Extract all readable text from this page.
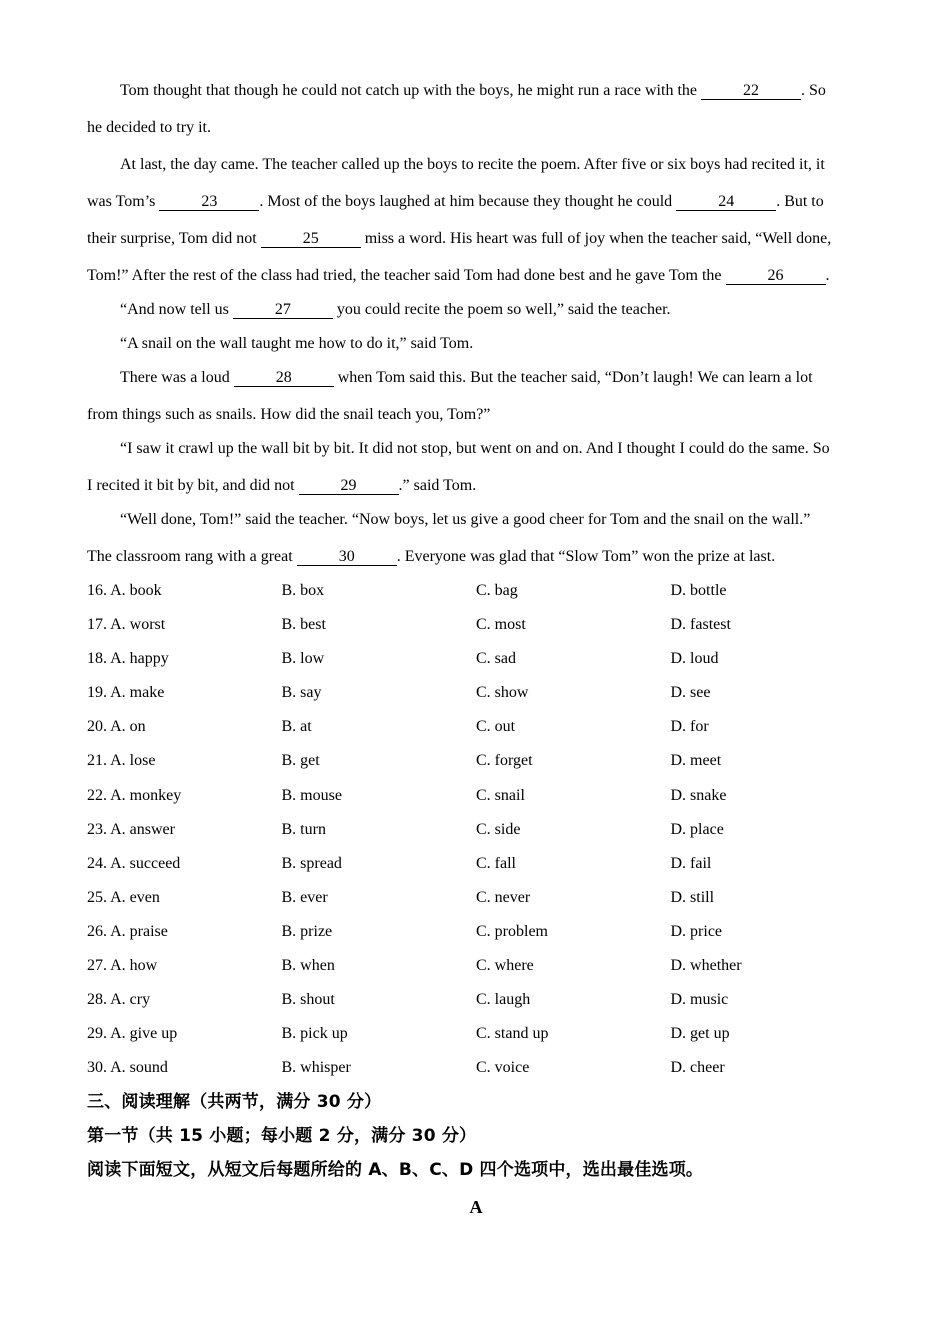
Tom thought that though he could not catch up with the boys, he might run a race with the	22	. So
he decided to try it.
At last, the day came. The teacher called up the boys to recite the poem. After five or six boys had recited it, it
was Tom’s	23	. Most of the boys laughed at him because they thought he could	24	. But to
their surprise, Tom did not	25	miss a word. His heart was full of joy when the teacher said, “Well done,
Tom!” After the rest of the class had tried, the teacher said Tom had done best and he gave Tom the	26	.
“And now tell us	27	you could recite the poem so well,” said the teacher.
“A snail on the wall taught me how to do it,” said Tom.
There was a loud	28	when Tom said this. But the teacher said, “Don’t laugh! We can learn a lot
from things such as snails. How did the snail teach you, Tom?”
“I saw it crawl up the wall bit by bit. It did not stop, but went on and on. And I thought I could do the same. So
I recited it bit by bit, and did not	29	.” said Tom.
“Well done, Tom!” said the teacher. “Now boys, let us give a good cheer for Tom and the snail on the wall.”
The classroom rang with a great	30	. Everyone was glad that “Slow Tom” won the prize at last.
16. A. book	B. box	C. bag	D. bottle
17. A. worst	B. best	C. most	D. fastest
18. A. happy	B. low	C. sad	D. loud
19. A. make	B. say	C. show	D. see
20. A. on	B. at	C. out	D. for
21. A. lose	B. get	C. forget	D. meet
22. A. monkey	B. mouse	C. snail	D. snake
23. A. answer	B. turn	C. side	D. place
24. A. succeed	B. spread	C. fall	D. fail
25. A. even	B. ever	C. never	D. still
26. A. praise	B. prize	C. problem	D. price
27. A. how	B. when	C. where	D. whether
28. A. cry	B. shout	C. laugh	D. music
29. A. give up	B. pick up	C. stand up	D. get up
30. A. sound	B. whisper	C. voice	D. cheer
三、阅读理解（共两节，满分 30 分）
第一节（共 15 小题；每小题 2 分，满分 30 分）
阅读下面短文，从短文后每题所给的 A、B、C、D 四个选项中，选出最佳选项。
A
